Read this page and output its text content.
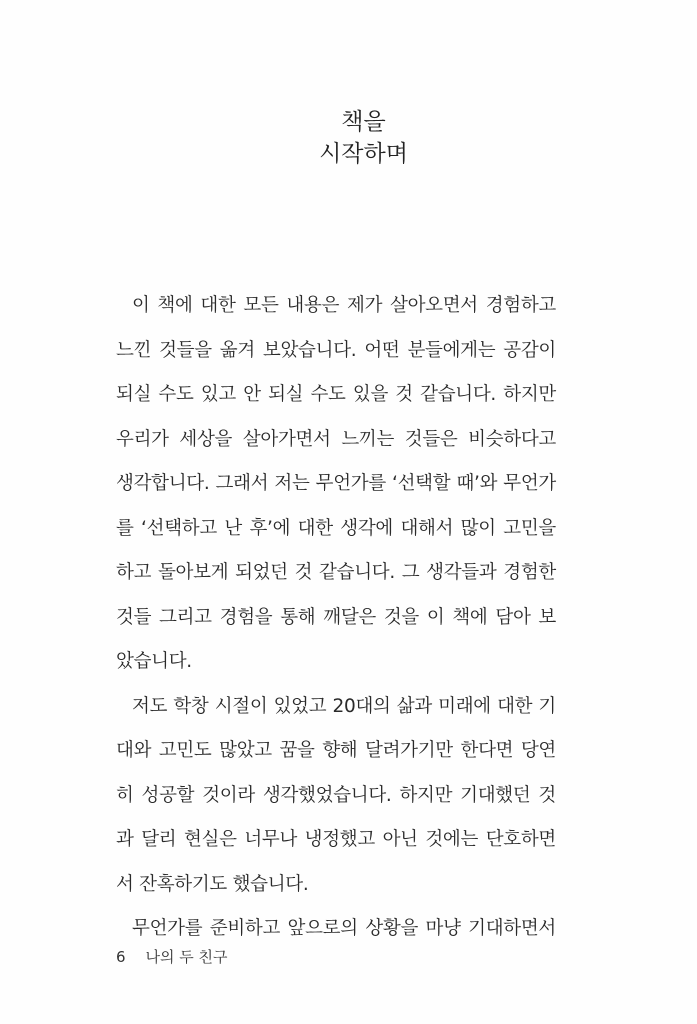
책을
시작하며
이 책에 대한 모든 내용은 제가 살아오면서 경험하고
느낀 것들을 옮겨 보았습니다. 어떤 분들에게는 공감이
되실 수도 있고 안 되실 수도 있을 것 같습니다. 하지만
우리가 세상을 살아가면서 느끼는 것들은 비슷하다고
생각합니다. 그래서 저는 무언가를 ‘선택할 때’와 무언가
를 ‘선택하고 난 후’에 대한 생각에 대해서 많이 고민을
하고 돌아보게 되었던 것 같습니다. 그 생각들과 경험한
것들 그리고 경험을 통해 깨달은 것을 이 책에 담아 보
았습니다.
저도 학창 시절이 있었고 20대의 삶과 미래에 대한 기
대와 고민도 많았고 꿈을 향해 달려가기만 한다면 당연
히 성공할 것이라 생각했었습니다. 하지만 기대했던 것
과 달리 현실은 너무나 냉정했고 아닌 것에는 단호하면
서 잔혹하기도 했습니다.
무언가를 준비하고 앞으로의 상황을 마냥 기대하면서
6 나의 두 친구
